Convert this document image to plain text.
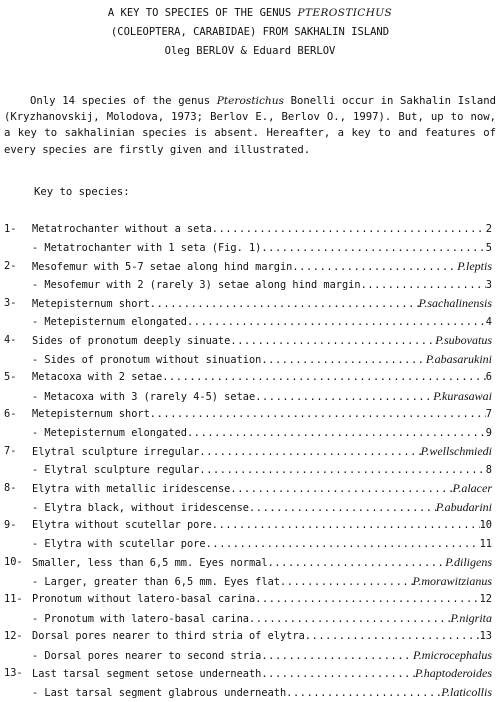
A KEY TO SPECIES OF THE GENUS PTEROSTICHUS
(COLEOPTERA, CARABIDAE) FROM SAKHALIN ISLAND
Oleg BERLOV & Eduard BERLOV
Only 14 species of the genus Pterostichus Bonelli occur in Sakhalin Island (Kryzhanovskij, Molodova, 1973; Berlov E., Berlov O., 1997). But, up to now, a key to sakhalinian species is absent. Hereafter, a key to and features of every species are firstly given and illustrated.
Key to species:
1-	Metatrochanter without a seta .....	2
- Metatrochanter with 1 seta (Fig. 1) .....	5
2-	Mesofemur with 5-7 setae along hind margin .....	P.leptis
- Mesofemur with 2 (rarely 3) setae along hind margin .....	3
3-	Metepisternum short .....	P.sachalinensis
- Metepisternum elongated .....	4
4-	Sides of pronotum deeply sinuate .....	P.subovatus
- Sides of pronotum without sinuation .....	P.abasarukini
5-	Metacoxa with 2 setae .....	6
- Metacoxa with 3 (rarely 4-5) setae .....	P.kurasawai
6-	Metepisternum short .....	7
- Metepisternum elongated .....	9
7-	Elytral sculpture irregular .....	P.wellschmiedi
- Elytral sculpture regular .....	8
8-	Elytra with metallic iridescense .....	P.alacer
- Elytra black, without iridescense .....	P.abudarini
9-	Elytra without scutellar pore .....	10
- Elytra with scutellar pore .....	11
10- Smaller, less than 6,5 mm. Eyes normal .....	P.diligens
- Larger, greater than 6,5 mm. Eyes flat .....	P.morawitzianus
11- Pronotum without latero-basal carina .....	12
- Pronotum with latero-basal carina .....	P.nigrita
12- Dorsal pores nearer to third stria of elytra .....	13
- Dorsal pores nearer to second stria .....	P.microcephalus
13- Last tarsal segment setose underneath .....	P.haptoderoides
- Last tarsal segment glabrous underneath .....	P.laticollis
